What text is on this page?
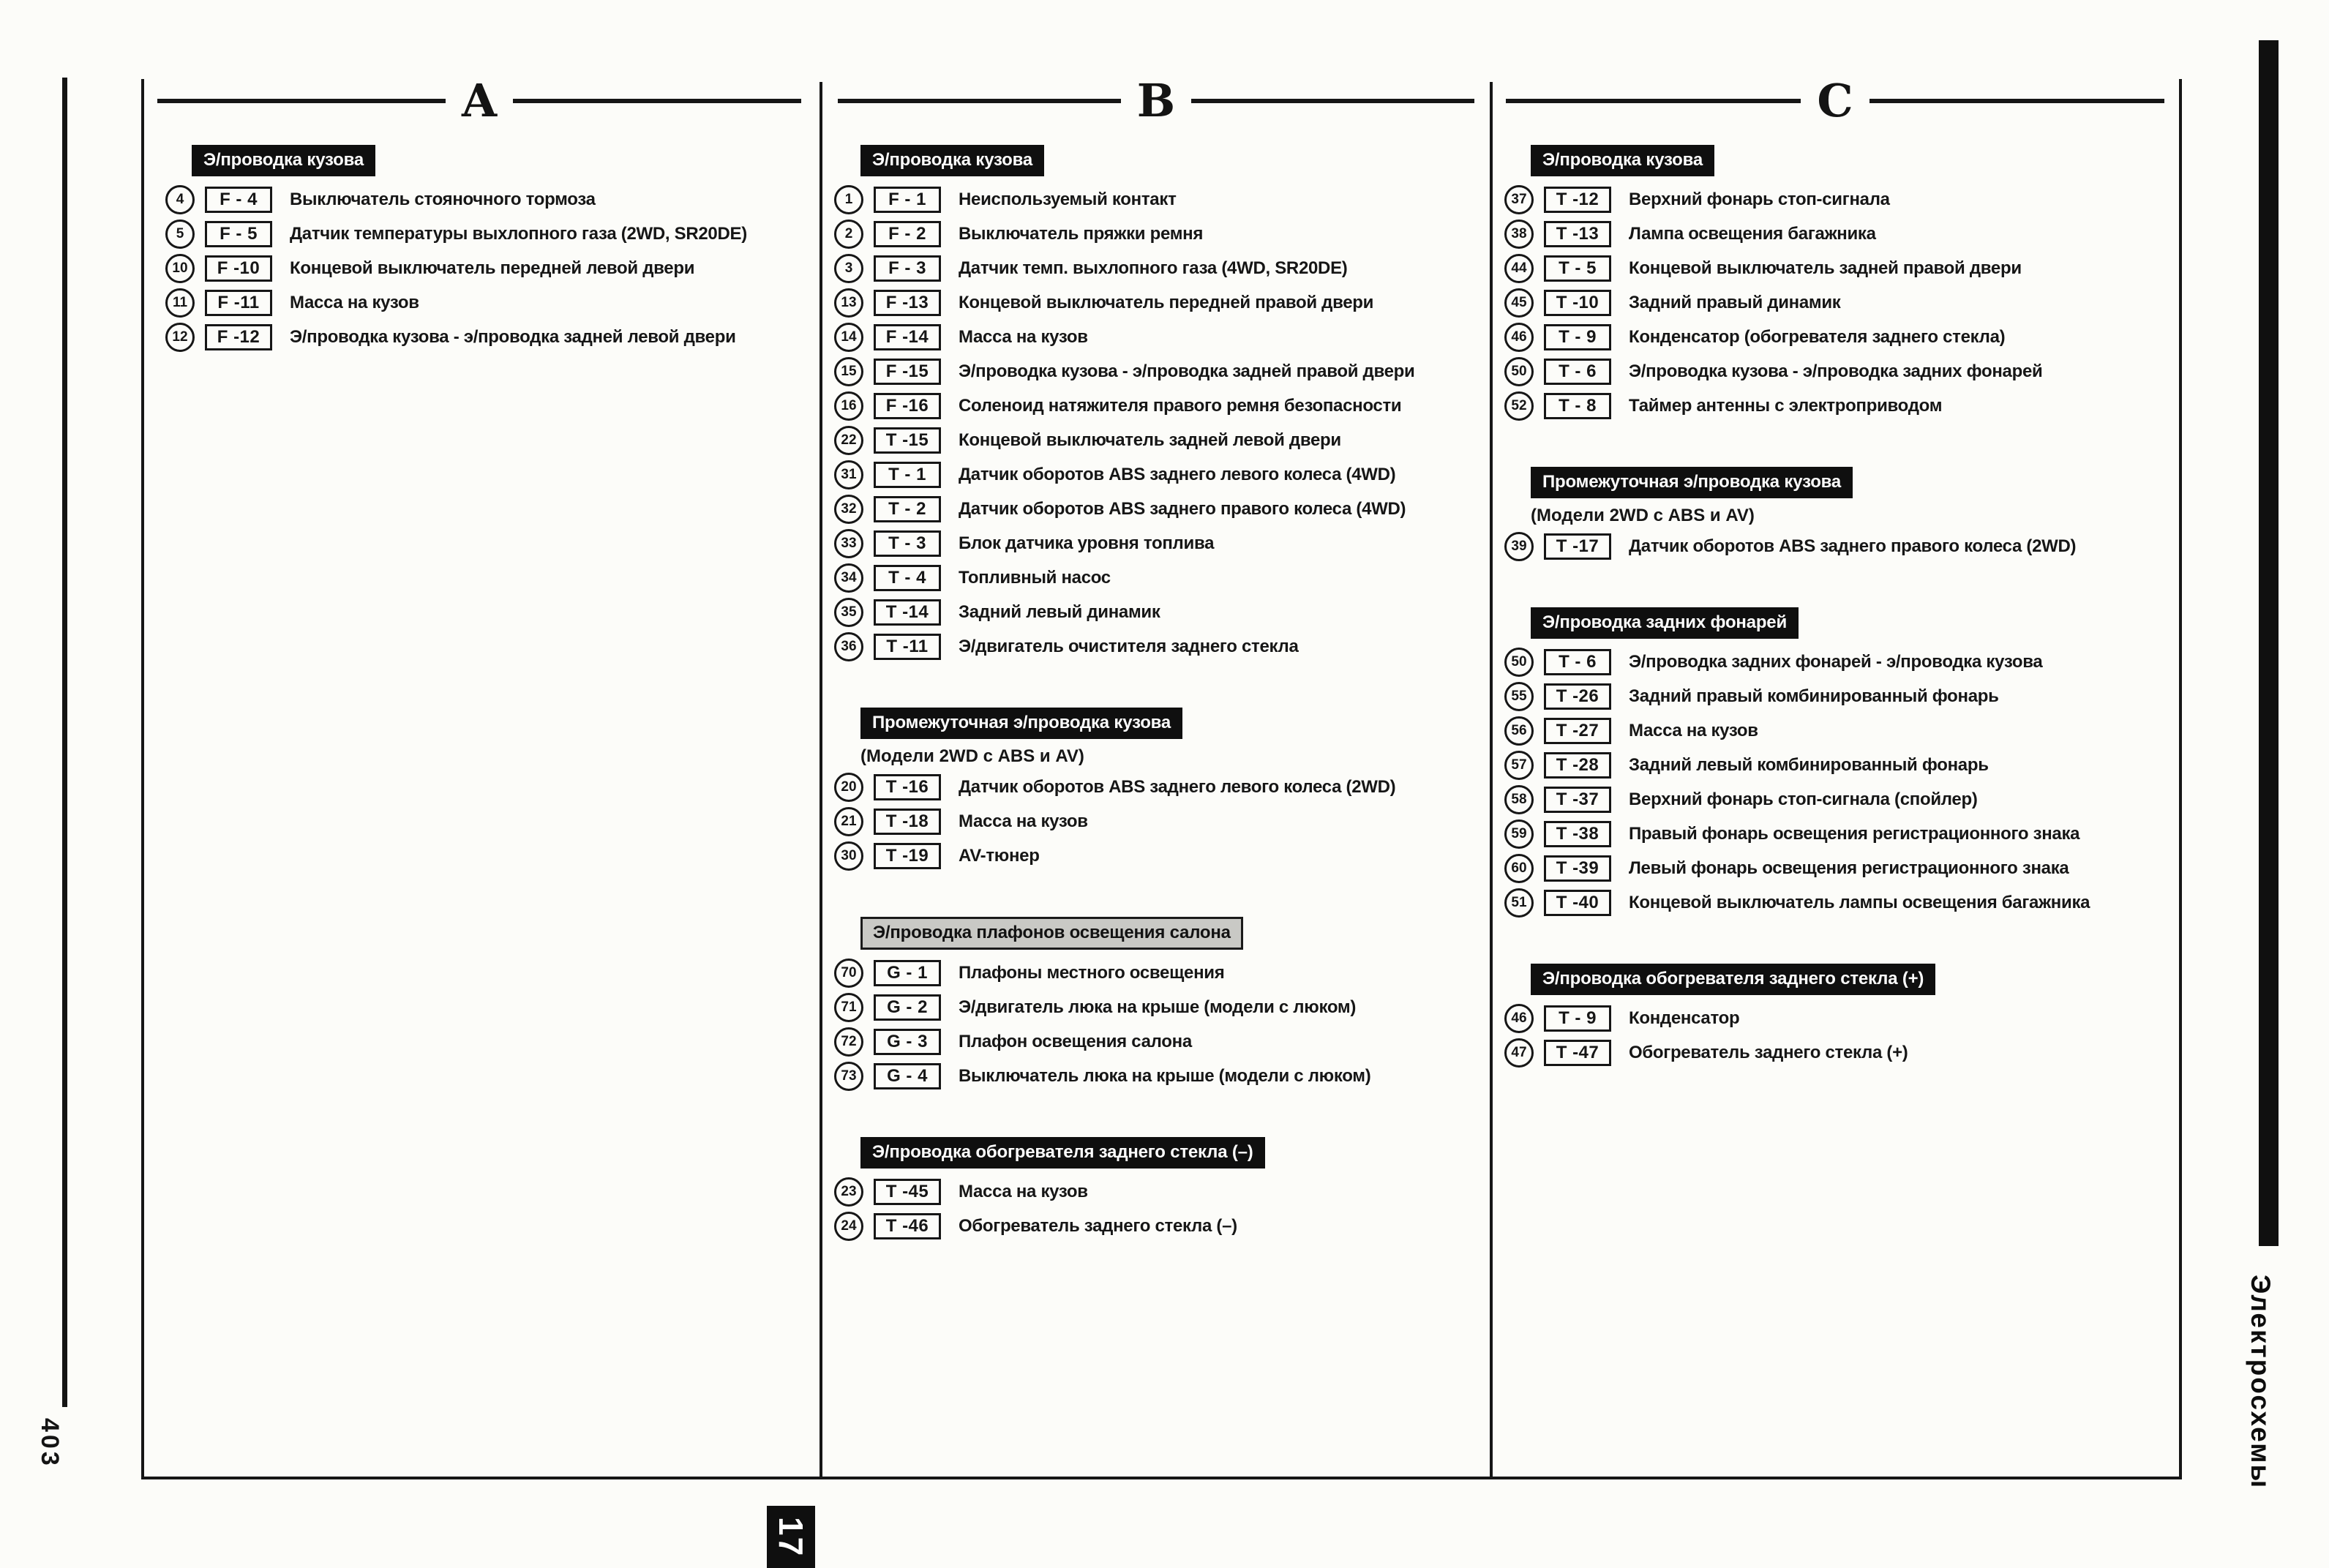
403
A	B	C
Э/проводка кузова
4	F - 4	Выключатель стояночного тормоза
5	F - 5	Датчик температуры выхлопного газа (2WD, SR20DE)
10	F -10	Концевой выключатель передней левой двери
11	F -11	Масса на кузов
12	F -12	Э/проводка кузова - э/проводка задней левой двери
Э/проводка кузова
1	F - 1	Неиспользуемый контакт
2	F - 2	Выключатель пряжки ремня
3	F - 3	Датчик темп. выхлопного газа (4WD, SR20DE)
13	F -13	Концевой выключатель передней правой двери
14	F -14	Масса на кузов
15	F -15	Э/проводка кузова - э/проводка задней правой двери
16	F -16	Соленоид натяжителя правого ремня безопасности
22	T -15	Концевой выключатель задней левой двери
31	T - 1	Датчик оборотов ABS заднего левого колеса (4WD)
32	T - 2	Датчик оборотов ABS заднего правого колеса (4WD)
33	T - 3	Блок датчика уровня топлива
34	T - 4	Топливный насос
35	T -14	Задний левый динамик
36	T -11	Э/двигатель очистителя заднего стекла
Промежуточная э/проводка кузова
(Модели 2WD с ABS и AV)
20	T -16	Датчик оборотов ABS заднего левого колеса (2WD)
21	T -18	Масса на кузов
30	T -19	AV-тюнер
Э/проводка плафонов освещения салона
70	G - 1	Плафоны местного освещения
71	G - 2	Э/двигатель люка на крыше (модели с люком)
72	G - 3	Плафон освещения салона
73	G - 4	Выключатель люка на крыше (модели с люком)
Э/проводка обогревателя заднего стекла (–)
23	T -45	Масса на кузов
24	T -46	Обогреватель заднего стекла (–)
Э/проводка кузова
37	T -12	Верхний фонарь стоп-сигнала
38	T -13	Лампа освещения багажника
44	T - 5	Концевой выключатель задней правой двери
45	T -10	Задний правый динамик
46	T - 9	Конденсатор (обогревателя заднего стекла)
50	T - 6	Э/проводка кузова - э/проводка задних фонарей
52	T - 8	Таймер антенны с электроприводом
Промежуточная э/проводка кузова
(Модели 2WD с ABS и AV)
39	T -17	Датчик оборотов ABS заднего правого колеса (2WD)
Э/проводка задних фонарей
50	T - 6	Э/проводка задних фонарей - э/проводка кузова
55	T -26	Задний правый комбинированный фонарь
56	T -27	Масса на кузов
57	T -28	Задний левый комбинированный фонарь
58	T -37	Верхний фонарь стоп-сигнала (спойлер)
59	T -38	Правый фонарь освещения регистрационного знака
60	T -39	Левый фонарь освещения регистрационного знака
51	T -40	Концевой выключатель лампы освещения багажника
Э/проводка обогревателя заднего стекла (+)
46	T - 9	Конденсатор
47	T -47	Обогреватель заднего стекла (+)
Электросхемы
17
